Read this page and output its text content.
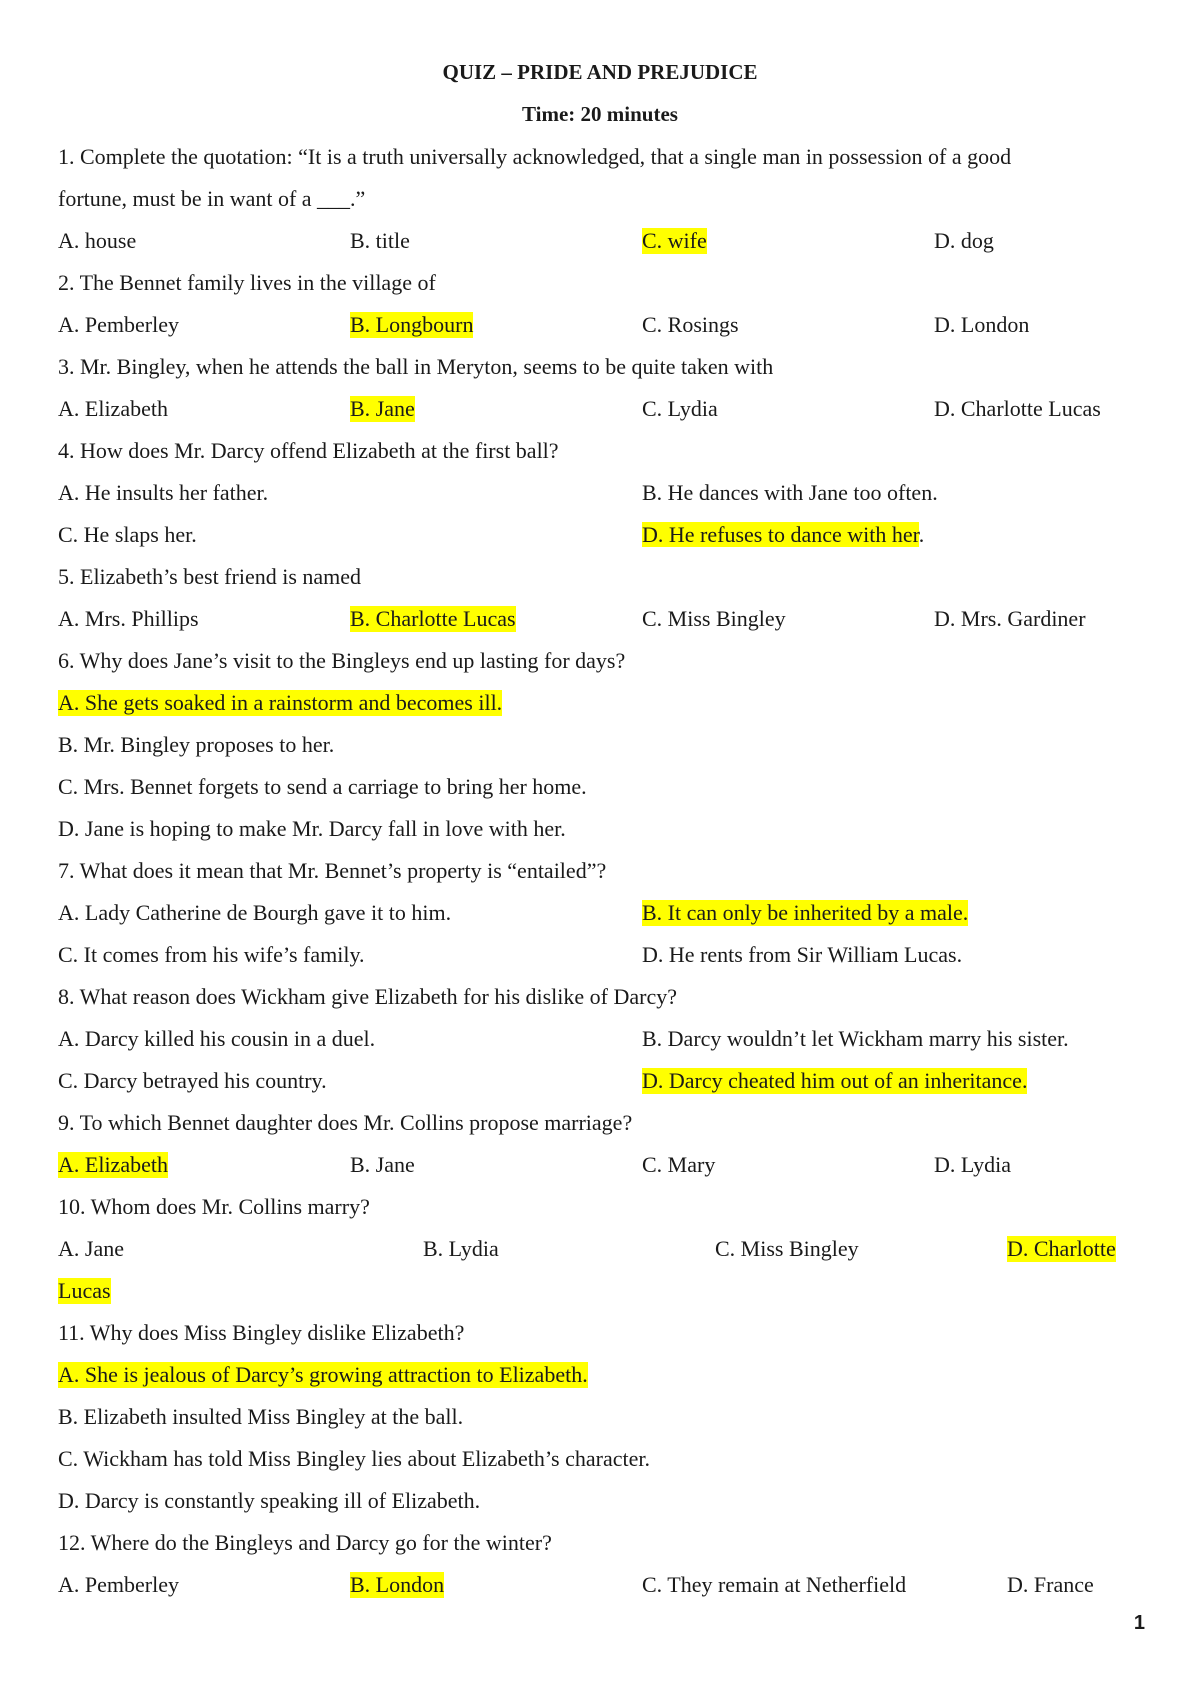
QUIZ – PRIDE AND PREJUDICE
Time: 20 minutes
1. Complete the quotation: “It is a truth universally acknowledged, that a single man in possession of a good
fortune, must be in want of a ___.”
A. house	B. title	C. wife	D. dog
2. The Bennet family lives in the village of
A. Pemberley	B. Longbourn	C. Rosings	D. London
3. Mr. Bingley, when he attends the ball in Meryton, seems to be quite taken with
A. Elizabeth	B. Jane	C. Lydia	D. Charlotte Lucas
4. How does Mr. Darcy offend Elizabeth at the first ball?
A. He insults her father.	B. He dances with Jane too often.
C. He slaps her.	D. He refuses to dance with her.
5. Elizabeth’s best friend is named
A. Mrs. Phillips	B. Charlotte Lucas	C. Miss Bingley	D. Mrs. Gardiner
6. Why does Jane’s visit to the Bingleys end up lasting for days?
A. She gets soaked in a rainstorm and becomes ill.
B. Mr. Bingley proposes to her.
C. Mrs. Bennet forgets to send a carriage to bring her home.
D. Jane is hoping to make Mr. Darcy fall in love with her.
7. What does it mean that Mr. Bennet’s property is “entailed”?
A. Lady Catherine de Bourgh gave it to him.	B. It can only be inherited by a male.
C. It comes from his wife’s family.	D. He rents from Sir William Lucas.
8. What reason does Wickham give Elizabeth for his dislike of Darcy?
A. Darcy killed his cousin in a duel.	B. Darcy wouldn’t let Wickham marry his sister.
C. Darcy betrayed his country.	D. Darcy cheated him out of an inheritance.
9. To which Bennet daughter does Mr. Collins propose marriage?
A. Elizabeth	B. Jane	C. Mary	D. Lydia
10. Whom does Mr. Collins marry?
A. Jane	B. Lydia	C. Miss Bingley	D. Charlotte
Lucas
11. Why does Miss Bingley dislike Elizabeth?
A. She is jealous of Darcy’s growing attraction to Elizabeth.
B. Elizabeth insulted Miss Bingley at the ball.
C. Wickham has told Miss Bingley lies about Elizabeth’s character.
D. Darcy is constantly speaking ill of Elizabeth.
12. Where do the Bingleys and Darcy go for the winter?
A. Pemberley	B. London	C. They remain at Netherfield	D. France
1
